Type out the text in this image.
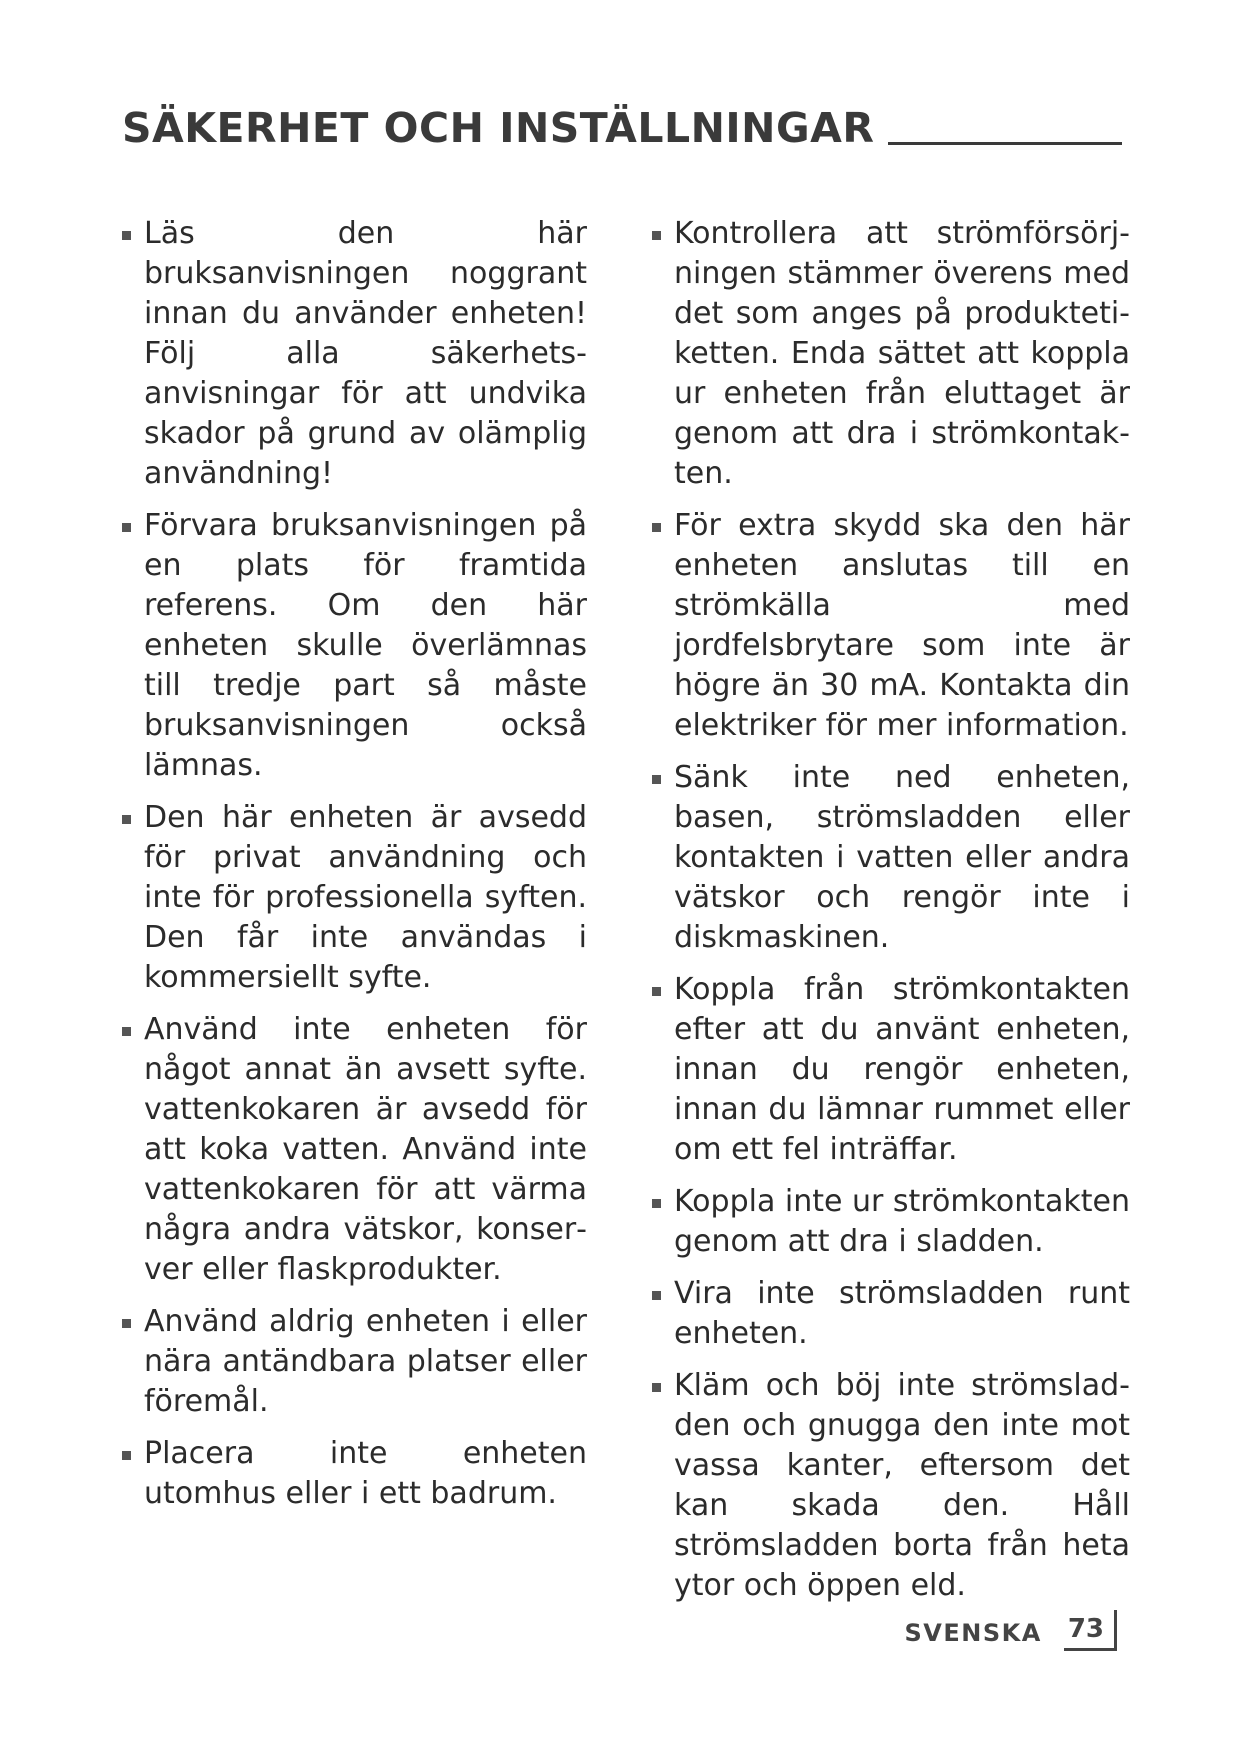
SÄKERHET OCH INSTÄLLNINGAR
Läs den här bruksanvisningen noggrant innan du använder enheten! Följ alla säkerhetsanvisningar för att undvika skador på grund av olämplig användning!
Förvara bruksanvisningen på en plats för framtida referens. Om den här enheten skulle överlämnas till tredje part så måste bruksanvisningen också lämnas.
Den här enheten är avsedd för privat användning och inte för professionella syften. Den får inte användas i kommersiellt syfte.
Använd inte enheten för något annat än avsett syfte. vattenkokaren är avsedd för att koka vatten. Använd inte vattenkokaren för att värma några andra vätskor, konserver eller flaskprodukter.
Använd aldrig enheten i eller nära antändbara platser eller föremål.
Placera inte enheten utomhus eller i ett badrum.
Kontrollera att strömförsörjningen stämmer överens med det som anges på produktetiketten. Enda sättet att koppla ur enheten från eluttaget är genom att dra i strömkontakten.
För extra skydd ska den här enheten anslutas till en strömkälla med jordfelsbrytare som inte är högre än 30 mA. Kontakta din elektriker för mer information.
Sänk inte ned enheten, basen, strömsladden eller kontakten i vatten eller andra vätskor och rengör inte i diskmaskinen.
Koppla från strömkontakten efter att du använt enheten, innan du rengör enheten, innan du lämnar rummet eller om ett fel inträffar.
Koppla inte ur strömkontakten genom att dra i sladden.
Vira inte strömsladden runt enheten.
Kläm och böj inte strömsladden och gnugga den inte mot vassa kanter, eftersom det kan skada den. Håll strömsladden borta från heta ytor och öppen eld.
SVENSKA 73
